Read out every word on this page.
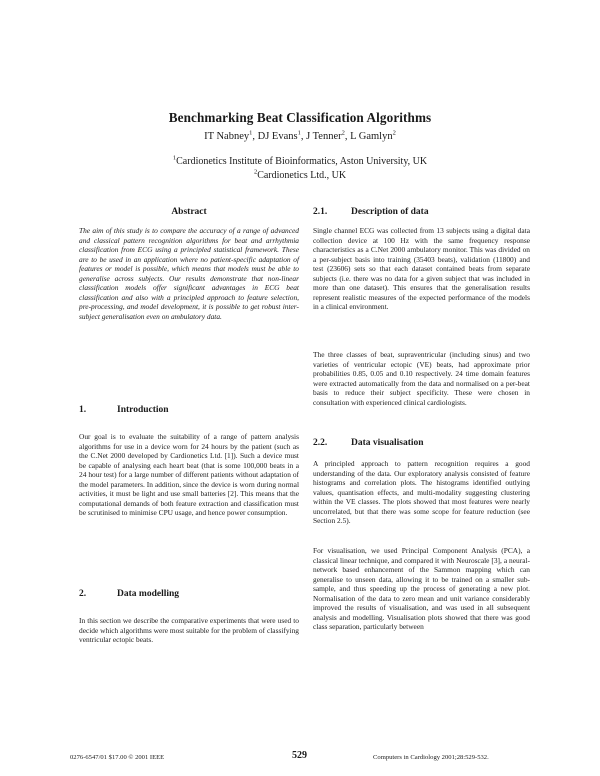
Benchmarking Beat Classification Algorithms
IT Nabney$^1$, DJ Evans$^1$, J Tenner$^2$, L Gamlyn$^2$
$^1$Cardionetics Institute of Bioinformatics, Aston University, UK
$^2$Cardionetics Ltd., UK
Abstract

The aim of this study is to compare the accuracy of a range of advanced and classical pattern recognition algorithms for beat and arrhythmia classification from ECG using a principled statistical framework. These are to be used in an application where no patient-specific adaptation of features or model is possible, which means that models must be able to generalise across subjects. Our results demonstrate that non-linear classification models offer significant advantages in ECG beat classification and also with a principled approach to feature selection, pre-processing, and model development, it is possible to get robust inter-subject generalisation even on ambulatory data.

1.	Introduction

Our goal is to evaluate the suitability of a range of pattern analysis algorithms for use in a device worn for 24 hours by the patient (such as the C.Net 2000 developed by Cardionetics Ltd. [1]). Such a device must be capable of analysing each heart beat (that is some 100,000 beats in a 24 hour test) for a large number of different patients without adaptation of the model parameters. In addition, since the device is worn during normal activities, it must be light and use small batteries [2]. This means that the computational demands of both feature extraction and classification must be scrutinised to minimise CPU usage, and hence power consumption.

2.	Data modelling

In this section we describe the comparative experiments that were used to decide which algorithms were most suitable for the problem of classifying ventricular ectopic beats.

2.1.	Description of data

Single channel ECG was collected from 13 subjects using a digital data collection device at 100 Hz with the same frequency response characteristics as a C.Net 2000 ambulatory monitor. This was divided on a per-subject basis into training (35403 beats), validation (11800) and test (23606) sets so that each dataset contained beats from separate subjects (i.e. there was no data for a given subject that was included in more than one dataset). This ensures that the generalisation results represent realistic measures of the expected performance of the models in a clinical environment.

The three classes of beat, supraventricular (including sinus) and two varieties of ventricular ectopic (VE) beats, had approximate prior probabilities 0.85, 0.05 and 0.10 respectively. 24 time domain features were extracted automatically from the data and normalised on a per-beat basis to reduce their subject specificity. These were chosen in consultation with experienced clinical cardiologists.

2.2.	Data visualisation

A principled approach to pattern recognition requires a good understanding of the data. Our exploratory analysis consisted of feature histograms and correlation plots. The histograms identified outlying values, quantisation effects, and multi-modality suggesting clustering within the VE classes. The plots showed that most features were nearly uncorrelated, but that there was some scope for feature reduction (see Section 2.5).

For visualisation, we used Principal Component Analysis (PCA), a classical linear technique, and compared it with Neuroscale [3], a neural-network based enhancement of the Sammon mapping which can generalise to unseen data, allowing it to be trained on a smaller sub-sample, and thus speeding up the process of generating a new plot. Normalisation of the data to zero mean and unit variance considerably improved the results of visualisation, and was used in all subsequent analysis and modelling. Visualisation plots showed that there was good class separation, particularly between

0276-6547/01 $17.00 © 2001 IEEE	529	Computers in Cardiology 2001;28:529-532.
